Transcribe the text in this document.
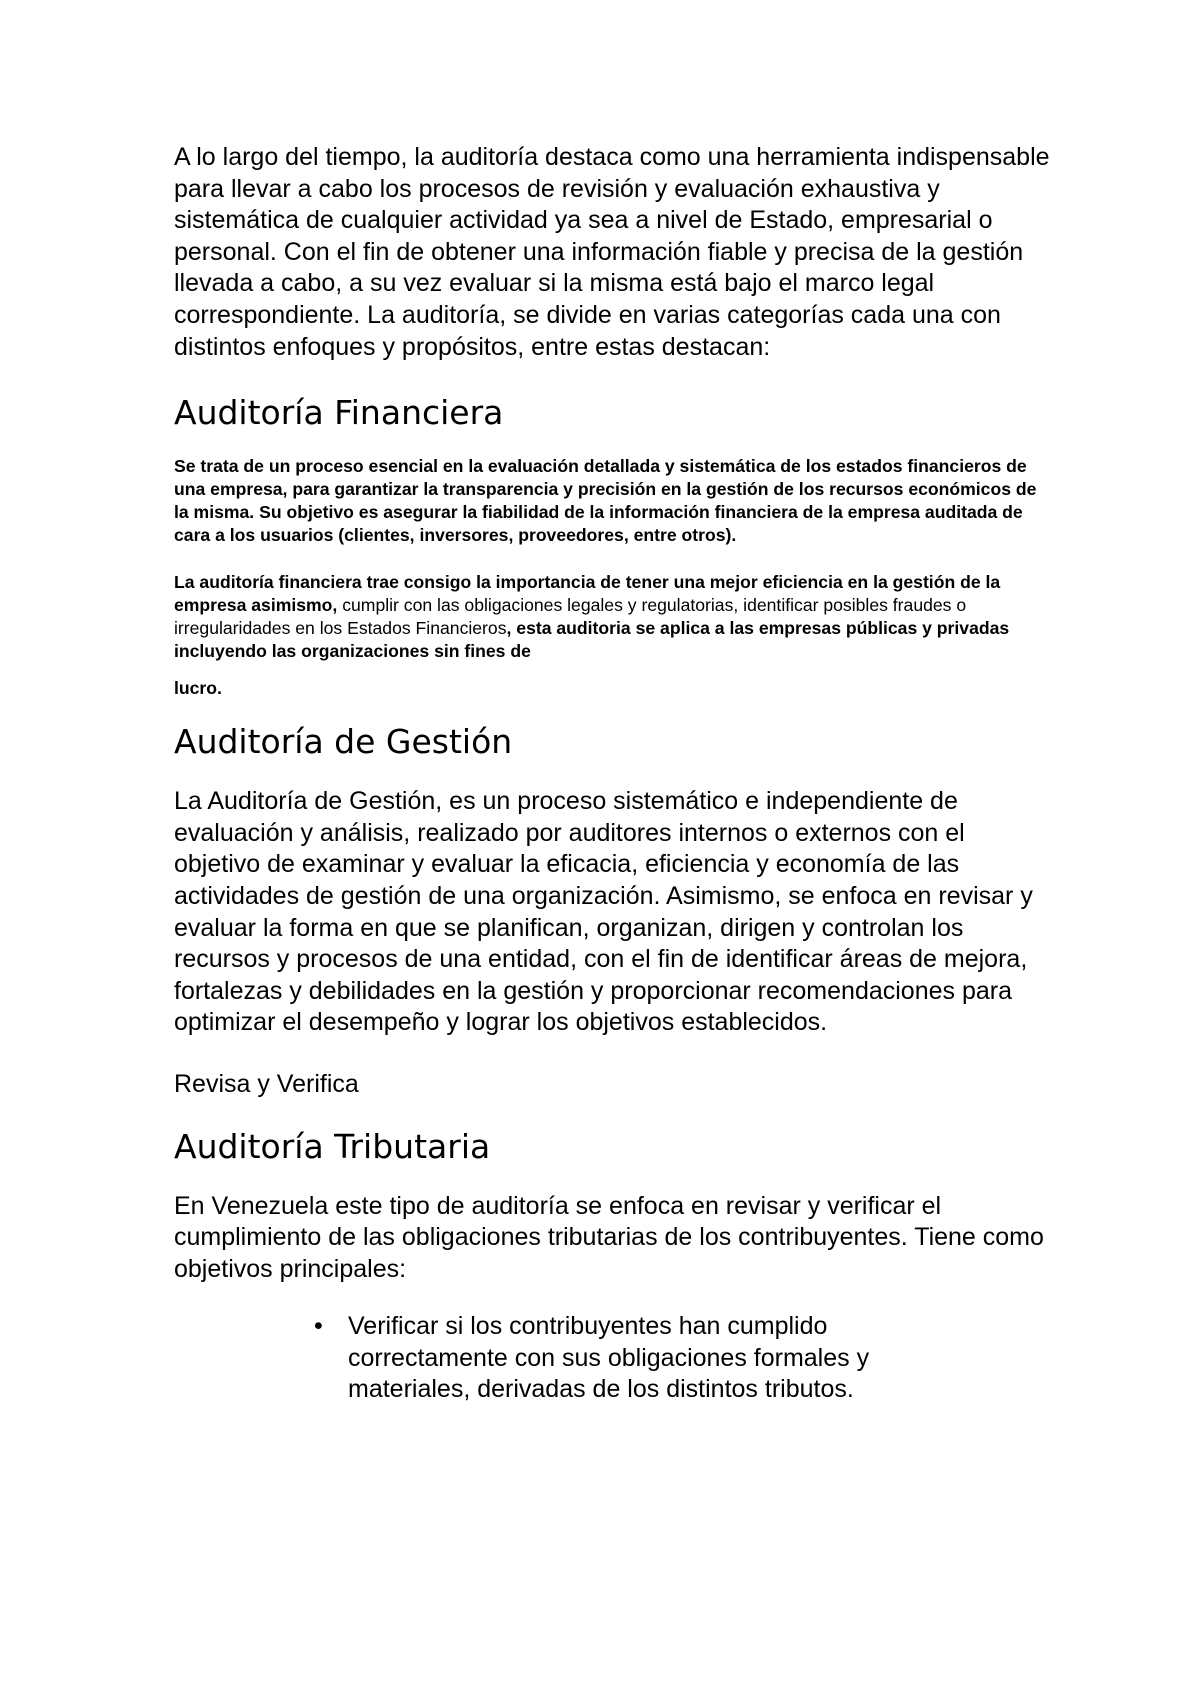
A lo largo del tiempo, la auditoría destaca como una herramienta indispensable para llevar a cabo los procesos de revisión y evaluación exhaustiva y sistemática de cualquier actividad ya sea a nivel de Estado, empresarial o personal. Con el fin de obtener una información fiable y precisa de la gestión llevada a cabo, a su vez evaluar si la misma está bajo el marco legal correspondiente. La auditoría, se divide en varias categorías cada una con distintos enfoques y propósitos, entre estas destacan:

Auditoría Financiera

Se trata de un proceso esencial en la evaluación detallada y sistemática de los estados financieros de una empresa, para garantizar la transparencia y precisión en la gestión de los recursos económicos de la misma. Su objetivo es asegurar la fiabilidad de la información financiera de la empresa auditada de cara a los usuarios (clientes, inversores, proveedores, entre otros).

La auditoría financiera trae consigo la importancia de tener una mejor eficiencia en la gestión de la empresa asimismo, cumplir con las obligaciones legales y regulatorias, identificar posibles fraudes o irregularidades en los Estados Financieros, esta auditoria se aplica a las empresas públicas y privadas incluyendo las organizaciones sin fines de
lucro.

Auditoría de Gestión

La Auditoría de Gestión, es un proceso sistemático e independiente de evaluación y análisis, realizado por auditores internos o externos con el objetivo de examinar y evaluar la eficacia, eficiencia y economía de las actividades de gestión de una organización. Asimismo, se enfoca en revisar y evaluar la forma en que se planifican, organizan, dirigen y controlan los recursos y procesos de una entidad, con el fin de identificar áreas de mejora, fortalezas y debilidades en la gestión y proporcionar recomendaciones para optimizar el desempeño y lograr los objetivos establecidos.

Revisa y Verifica

Auditoría Tributaria

En Venezuela este tipo de auditoría se enfoca en revisar y verificar el cumplimiento de las obligaciones tributarias de los contribuyentes. Tiene como objetivos principales:

• Verificar si los contribuyentes han cumplido correctamente con sus obligaciones formales y materiales, derivadas de los distintos tributos.
